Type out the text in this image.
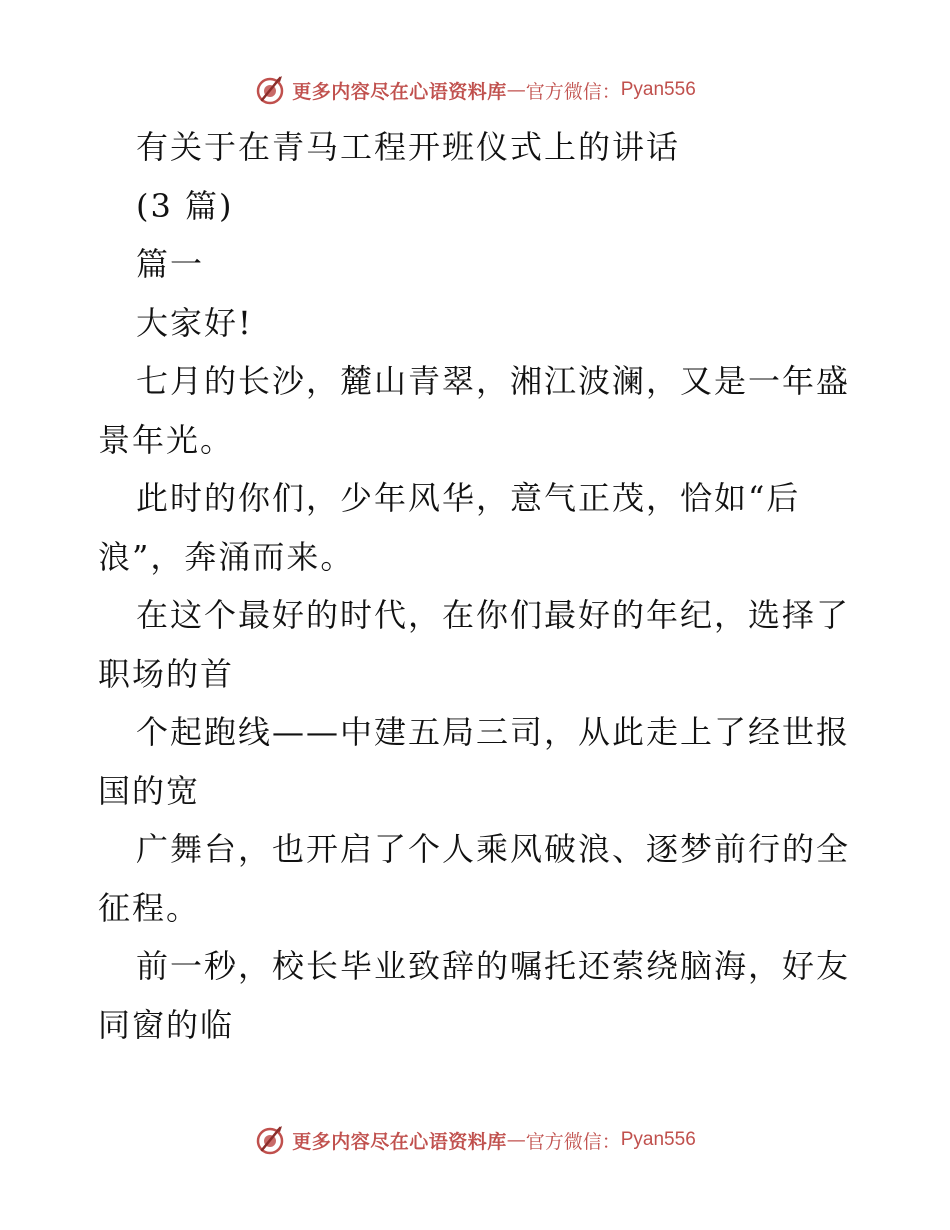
更多内容尽在心语资料库 — 官方微信： Pyan556

有关于在青马工程开班仪式上的讲话

(3 篇)

篇一

大家好!

七月的长沙，麓山青翠，湘江波澜，又是一年盛景年光。

此时的你们，少年风华，意气正茂，恰如“后浪”，奔涌而来。

在这个最好的时代，在你们最好的年纪，选择了职场的首

个起跑线——中建五局三司，从此走上了经世报国的宽

广舞台，也开启了个人乘风破浪、逐梦前行的全征程。

前一秒，校长毕业致辞的嘱托还萦绕脑海，好友同窗的临

更多内容尽在心语资料库 — 官方微信： Pyan556
